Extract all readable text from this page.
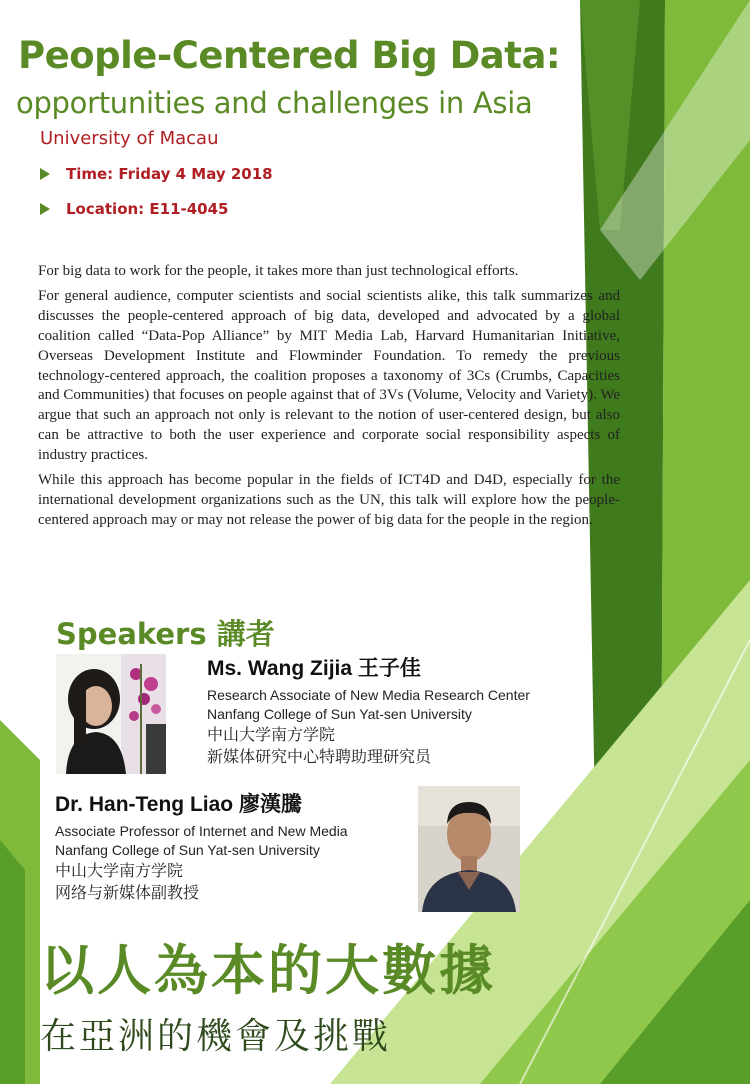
People-Centered Big Data:
opportunities and challenges in Asia
University of Macau
Time: Friday 4 May 2018
Location: E11-4045

For big data to work for the people, it takes more than just technological efforts.

For general audience, computer scientists and social scientists alike, this talk summarizes and discusses the people-centered approach of big data, developed and advocated by a global coalition called “Data-Pop Alliance” by MIT Media Lab, Harvard Humanitarian Initiative, Overseas Development Institute and Flowminder Foundation. To remedy the previous technology-centered approach, the coalition proposes a taxonomy of 3Cs (Crumbs, Capacities and Communities) that focuses on people against that of 3Vs (Volume, Velocity and Variety). We argue that such an approach not only is relevant to the notion of user-centered design, but also can be attractive to both the user experience and corporate social responsibility aspects of industry practices.

While this approach has become popular in the fields of ICT4D and D4D, especially for the international development organizations such as the UN, this talk will explore how the people-centered approach may or may not release the power of big data for the people in the region.

Speakers 講者
Ms. Wang Zijia 王子佳
Research Associate of New Media Research Center
Nanfang College of Sun Yat-sen University
中山大学南方学院
新媒体研究中心特聘助理研究员
Dr. Han-Teng Liao 廖漢騰
Associate Professor of Internet and New Media
Nanfang College of Sun Yat-sen University
中山大学南方学院
网络与新媒体副教授
以人為本的大數據
在亞洲的機會及挑戰
